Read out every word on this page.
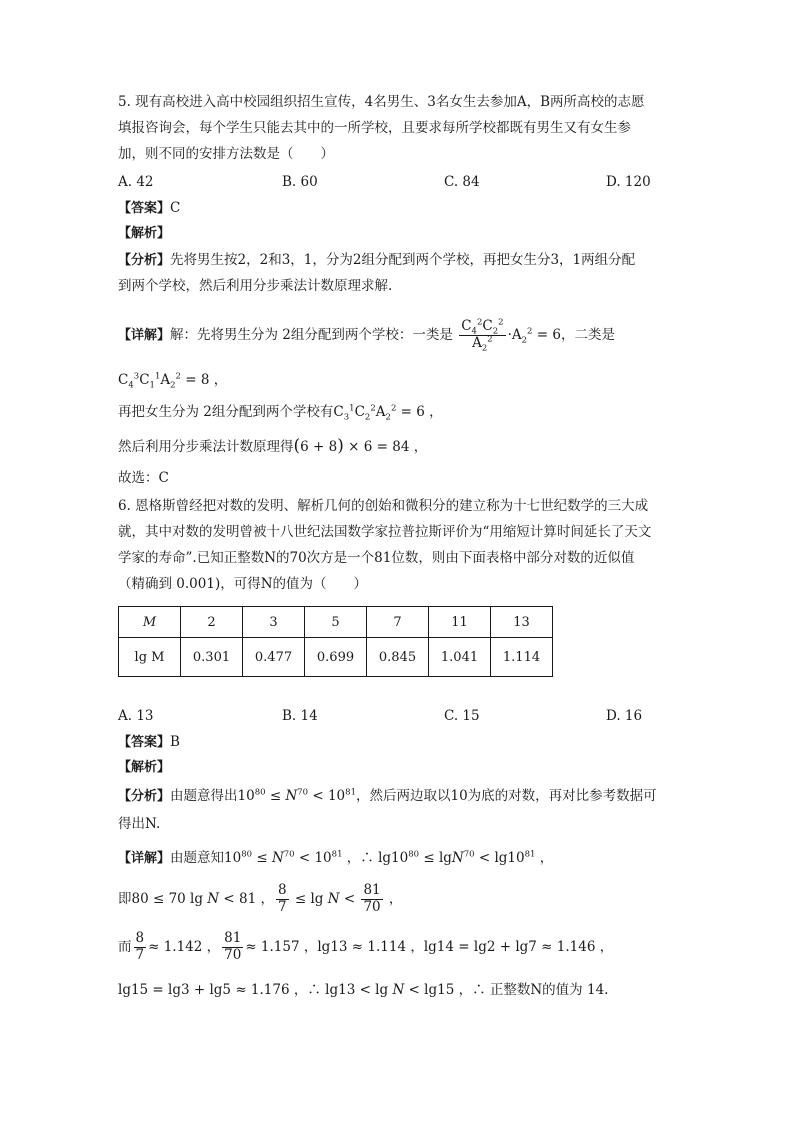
5. 现有高校进入高中校园组织招生宣传，4名男生、3名女生去参加A，B两所高校的志愿
填报咨询会，每个学生只能去其中的一所学校，且要求每所学校都既有男生又有女生参
加，则不同的安排方法数是（　　）
A. 42	B. 60	C. 84	D. 120
【答案】C
【解析】
【分析】先将男生按2，2和3，1，分为2组分配到两个学校，再把女生分3，1两组分配
到两个学校，然后利用分步乘法计数原理求解.
【详解】解：先将男生分为 2组分配到两个学校：一类是 $\frac{C_4^2C_2^2}{A_2^2} \cdot A_2^2 = 6$，二类是
$C_4^3C_1^1A_2^2 = 8$ ，
再把女生分为 2组分配到两个学校有$C_3^1C_2^2A_2^2 = 6$ ，
然后利用分步乘法计数原理得(6 + 8) × 6 = 84 ，
故选：C
6. 恩格斯曾经把对数的发明、解析几何的创始和微积分的建立称为十七世纪数学的三大成
就，其中对数的发明曾被十八世纪法国数学家拉普拉斯评价为“用缩短计算时间延长了天文
学家的寿命”.已知正整数N的70次方是一个81位数，则由下面表格中部分对数的近似值
（精确到 0.001)，可得N的值为（　　）
M	2	3	5	7	11	13
lg M	0.301	0.477	0.699	0.845	1.041	1.114
A. 13	B. 14	C. 15	D. 16
【答案】B
【解析】
【分析】由题意得出$10^{80} \le N^{70} < 10^{81}$，然后两边取以10为底的对数，再对比参考数据可
得出N.
【详解】由题意知$10^{80} \le N^{70} < 10^{81}$ ，∴ $\lg 10^{80} \le \lg N^{70} < \lg 10^{81}$ ，
即80 ≤ 70 lg N < 81 ， $\frac{8}{7} \le \lg N < \frac{81}{70}$ ，
而 $\frac{8}{7} \approx 1.142$ ， $\frac{81}{70} \approx 1.157$ ，lg13 ≈ 1.114 ，lg14 = lg2 + lg7 ≈ 1.146 ，
lg15 = lg3 + lg5 ≈ 1.176 ，∴ lg13 < lg N < lg15 ，∴ 正整数N的值为 14.
